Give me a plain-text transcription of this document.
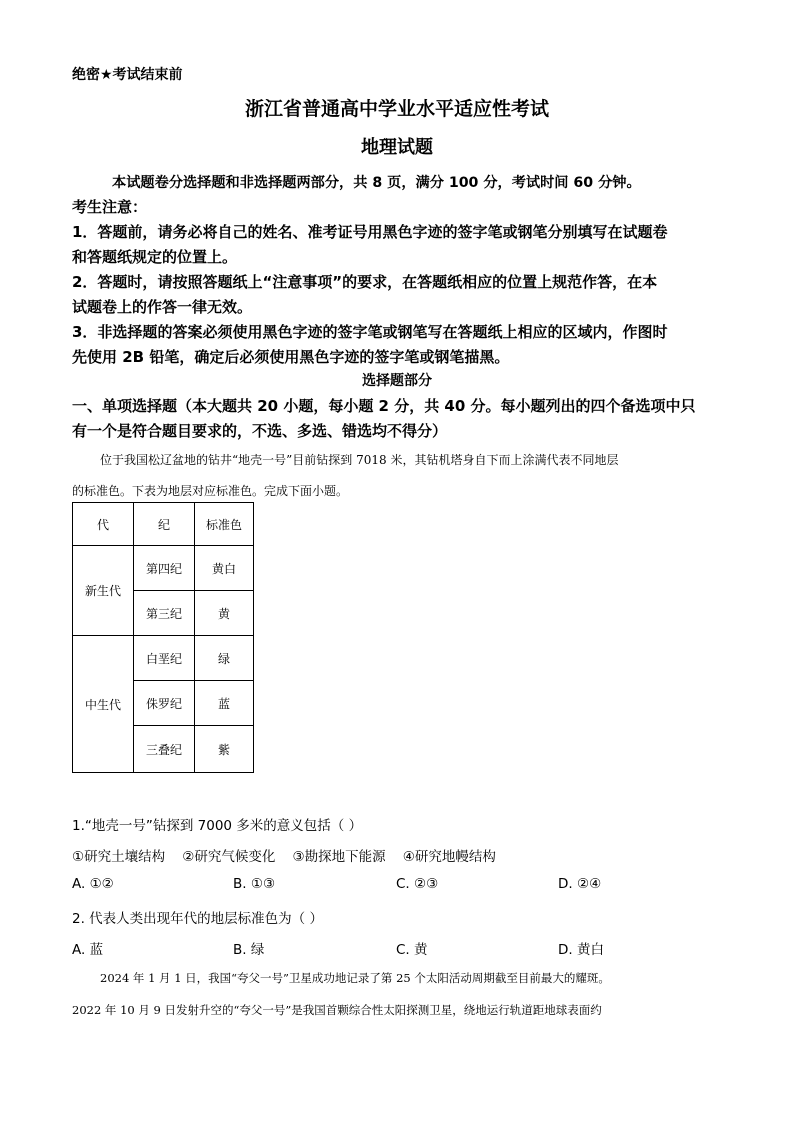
绝密★考试结束前
浙江省普通高中学业水平适应性考试
地理试题
本试题卷分选择题和非选择题两部分，共 8 页，满分 100 分，考试时间 60 分钟。
考生注意：
1．答题前，请务必将自己的姓名、准考证号用黑色字迹的签字笔或钢笔分别填写在试题卷
和答题纸规定的位置上。
2．答题时，请按照答题纸上“注意事项”的要求，在答题纸相应的位置上规范作答，在本
试题卷上的作答一律无效。
3．非选择题的答案必须使用黑色字迹的签字笔或钢笔写在答题纸上相应的区域内，作图时
先使用 2B 铅笔，确定后必须使用黑色字迹的签字笔或钢笔描黑。
选择题部分
一、单项选择题（本大题共 20 小题，每小题 2 分，共 40 分。每小题列出的四个备选项中只
有一个是符合题目要求的，不选、多选、错选均不得分）
位于我国松辽盆地的钻井“地壳一号”目前钻探到 7018 米，其钻机塔身自下而上涂满代表不同地层
的标准色。下表为地层对应标准色。完成下面小题。
代	纪	标准色
新生代	第四纪	黄白
	第三纪	黄
中生代	白垩纪	绿
	侏罗纪	蓝
	三叠纪	紫
1.“地壳一号”钻探到 7000 多米的意义包括（ ）
①研究土壤结构    ②研究气候变化    ③勘探地下能源    ④研究地幔结构
A. ①②	B. ①③	C. ②③	D. ②④
2. 代表人类出现年代的地层标准色为（ ）
A. 蓝	B. 绿	C. 黄	D. 黄白
2024 年 1 月 1 日，我国“夸父一号”卫星成功地记录了第 25 个太阳活动周期截至目前最大的耀斑。
2022 年 10 月 9 日发射升空的“夸父一号”是我国首颗综合性太阳探测卫星，绕地运行轨道距地球表面约
